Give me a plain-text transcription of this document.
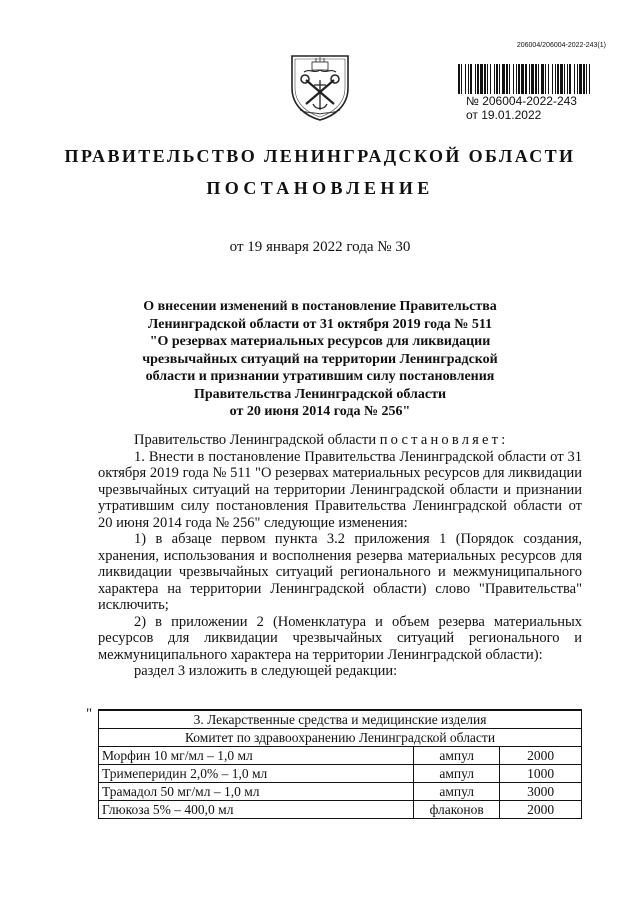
206004/206004-2022-243(1)
№ 206004-2022-243
от 19.01.2022
ПРАВИТЕЛЬСТВО ЛЕНИНГРАДСКОЙ ОБЛАСТИ
ПОСТАНОВЛЕНИЕ
от 19 января 2022 года № 30
О внесении изменений в постановление Правительства
Ленинградской области от 31 октября 2019 года № 511
"О резервах материальных ресурсов для ликвидации
чрезвычайных ситуаций на территории Ленинградской
области и признании утратившим силу постановления
Правительства Ленинградской области
от 20 июня 2014 года № 256"

Правительство Ленинградской области постановляет:

1. Внести в постановление Правительства Ленинградской области от 31 октября 2019 года № 511 "О резервах материальных ресурсов для ликвидации чрезвычайных ситуаций на территории Ленинградской области и признании утратившим силу постановления Правительства Ленинградской области от 20 июня 2014 года № 256" следующие изменения:

1) в абзаце первом пункта 3.2 приложения 1 (Порядок создания, хранения, использования и восполнения резерва материальных ресурсов для ликвидации чрезвычайных ситуаций регионального и межмуниципального характера на территории Ленинградской области) слово "Правительства" исключить;

2) в приложении 2 (Номенклатура и объем резерва материальных ресурсов для ликвидации чрезвычайных ситуаций регионального и межмуниципального характера на территории Ленинградской области):

раздел 3 изложить в следующей редакции:

"	3. Лекарственные средства и медицинские изделия		
Комитет по здравоохранению Ленинградской области		
Морфин 10 мг/мл – 1,0 мл	ампул	2000
Тримеперидин 2,0% – 1,0 мл	ампул	1000
Трамадол 50 мг/мл – 1,0 мл	ампул	3000
Глюкоза 5% – 400,0 мл	флаконов	2000
